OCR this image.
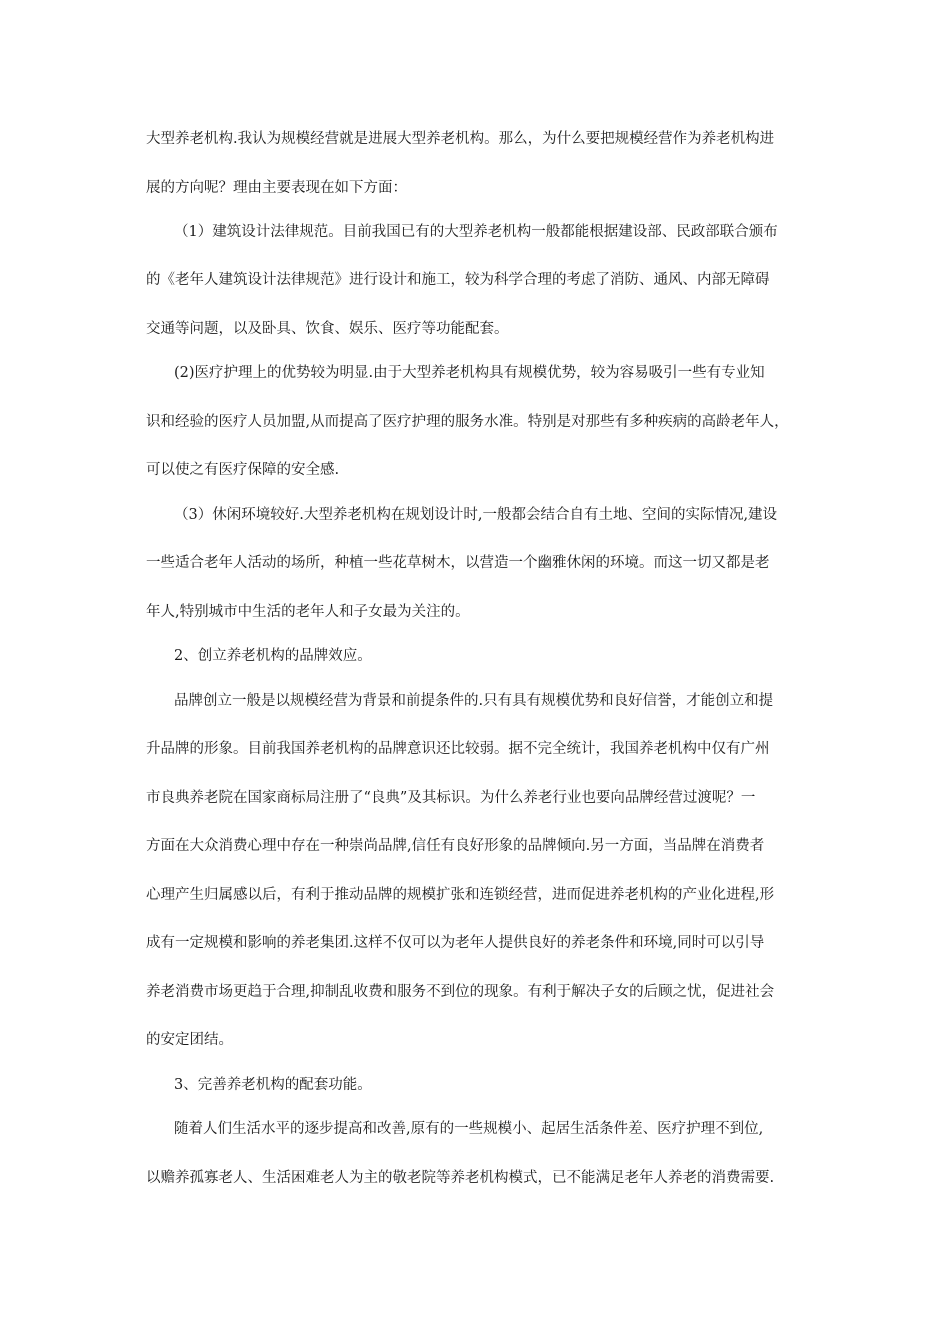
大型养老机构.我认为规模经营就是进展大型养老机构。那么，为什么要把规模经营作为养老机构进
展的方向呢？理由主要表现在如下方面：
（1）建筑设计法律规范。目前我国已有的大型养老机构一般都能根据建设部、民政部联合颁布
的《老年人建筑设计法律规范》进行设计和施工，较为科学合理的考虑了消防、通风、内部无障碍
交通等问题，以及卧具、饮食、娱乐、医疗等功能配套。
(2)医疗护理上的优势较为明显.由于大型养老机构具有规模优势，较为容易吸引一些有专业知
识和经验的医疗人员加盟,从而提高了医疗护理的服务水准。特别是对那些有多种疾病的高龄老年人，
可以使之有医疗保障的安全感.
（3）休闲环境较好.大型养老机构在规划设计时,一般都会结合自有土地、空间的实际情况,建设
一些适合老年人活动的场所，种植一些花草树木，以营造一个幽雅休闲的环境。而这一切又都是老
年人,特别城市中生活的老年人和子女最为关注的。
2、创立养老机构的品牌效应。
品牌创立一般是以规模经营为背景和前提条件的.只有具有规模优势和良好信誉，才能创立和提
升品牌的形象。目前我国养老机构的品牌意识还比较弱。据不完全统计，我国养老机构中仅有广州
市良典养老院在国家商标局注册了“良典”及其标识。为什么养老行业也要向品牌经营过渡呢？一
方面在大众消费心理中存在一种崇尚品牌,信任有良好形象的品牌倾向.另一方面，当品牌在消费者
心理产生归属感以后，有利于推动品牌的规模扩张和连锁经营，进而促进养老机构的产业化进程,形
成有一定规模和影响的养老集团.这样不仅可以为老年人提供良好的养老条件和环境,同时可以引导
养老消费市场更趋于合理,抑制乱收费和服务不到位的现象。有利于解决子女的后顾之忧，促进社会
的安定团结。
3、完善养老机构的配套功能。
随着人们生活水平的逐步提高和改善,原有的一些规模小、起居生活条件差、医疗护理不到位,
以赡养孤寡老人、生活困难老人为主的敬老院等养老机构模式，已不能满足老年人养老的消费需要.
